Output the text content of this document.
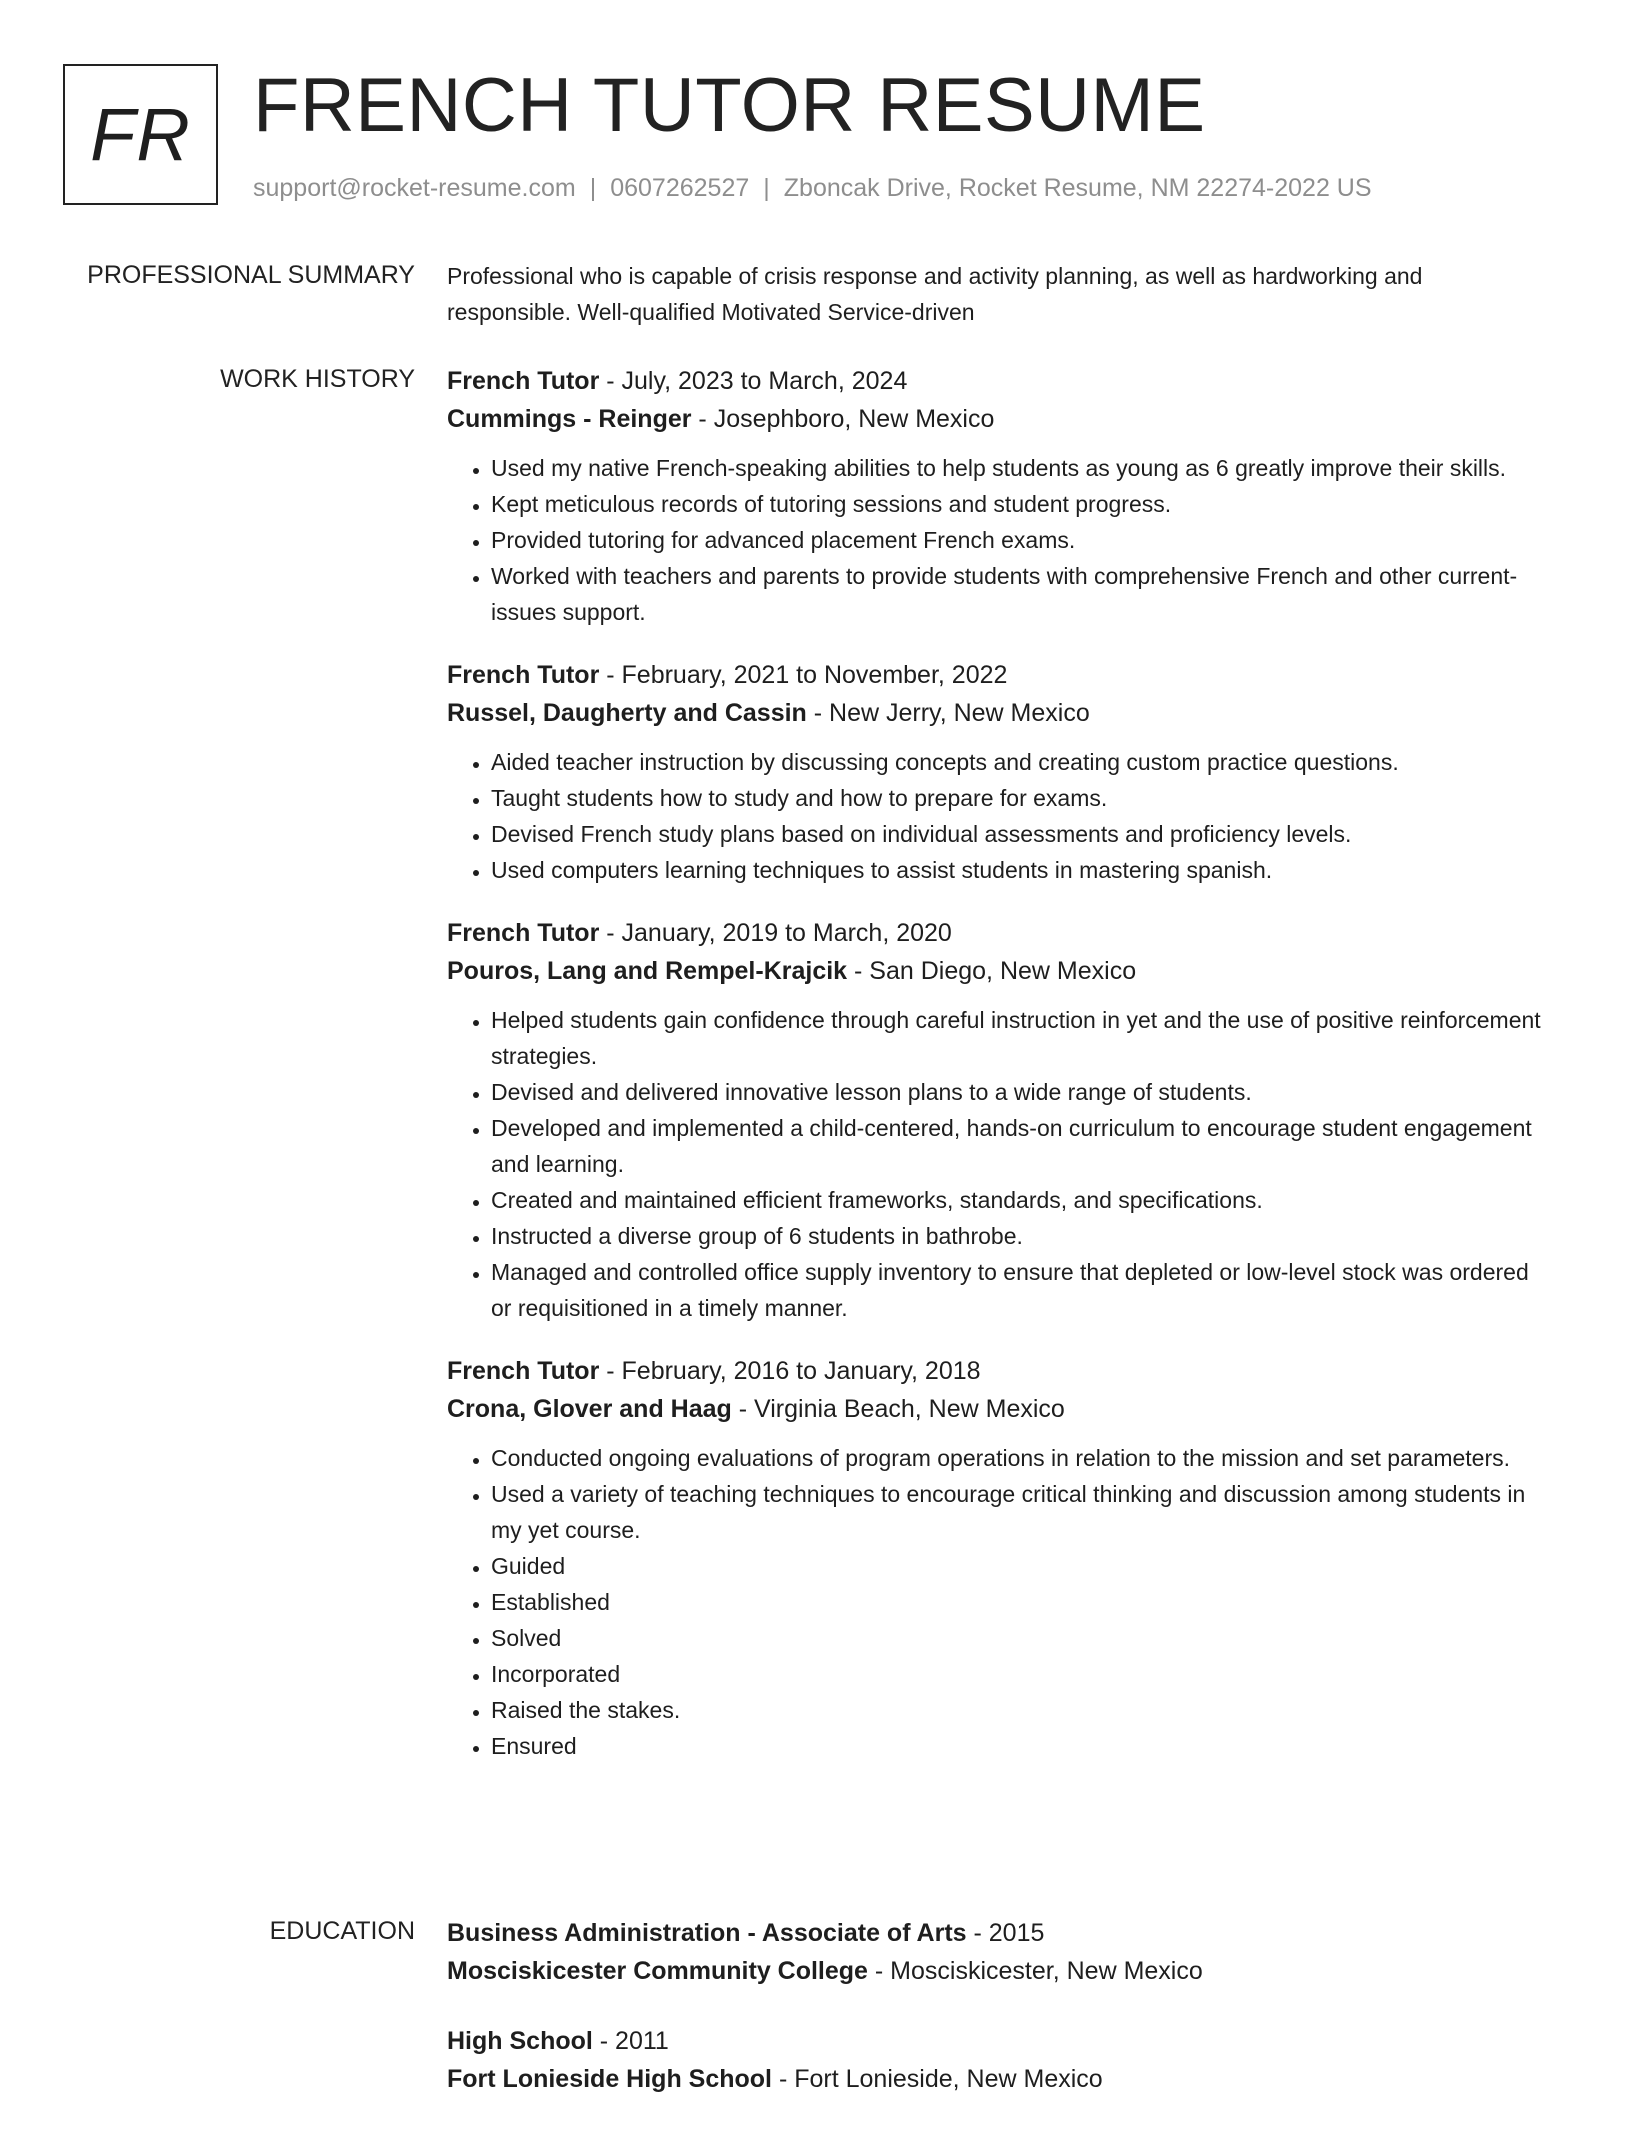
FR FRENCH TUTOR RESUME
support@rocket-resume.com | 0607262527 | Zboncak Drive, Rocket Resume, NM 22274-2022 US
PROFESSIONAL SUMMARY Professional who is capable of crisis response and activity planning, as well as hardworking and responsible. Well-qualified Motivated Service-driven

WORK HISTORY French Tutor - July, 2023 to March, 2024
Cummings - Reinger - Josephboro, New Mexico
• Used my native French-speaking abilities to help students as young as 6 greatly improve their skills.
• Kept meticulous records of tutoring sessions and student progress.
• Provided tutoring for advanced placement French exams.
• Worked with teachers and parents to provide students with comprehensive French and other current-issues support.
French Tutor - February, 2021 to November, 2022
Russel, Daugherty and Cassin - New Jerry, New Mexico
• Aided teacher instruction by discussing concepts and creating custom practice questions.
• Taught students how to study and how to prepare for exams.
• Devised French study plans based on individual assessments and proficiency levels.
• Used computers learning techniques to assist students in mastering spanish.
French Tutor - January, 2019 to March, 2020
Pouros, Lang and Rempel-Krajcik - San Diego, New Mexico
• Helped students gain confidence through careful instruction in yet and the use of positive reinforcement strategies.
• Devised and delivered innovative lesson plans to a wide range of students.
• Developed and implemented a child-centered, hands-on curriculum to encourage student engagement and learning.
• Created and maintained efficient frameworks, standards, and specifications.
• Instructed a diverse group of 6 students in bathrobe.
• Managed and controlled office supply inventory to ensure that depleted or low-level stock was ordered or requisitioned in a timely manner.
French Tutor - February, 2016 to January, 2018
Crona, Glover and Haag - Virginia Beach, New Mexico
• Conducted ongoing evaluations of program operations in relation to the mission and set parameters.
• Used a variety of teaching techniques to encourage critical thinking and discussion among students in my yet course.
• Guided
• Established
• Solved
• Incorporated
• Raised the stakes.
• Ensured
EDUCATION Business Administration - Associate of Arts - 2015
Mosciskicester Community College - Mosciskicester, New Mexico
High School - 2011
Fort Lonieside High School - Fort Lonieside, New Mexico
